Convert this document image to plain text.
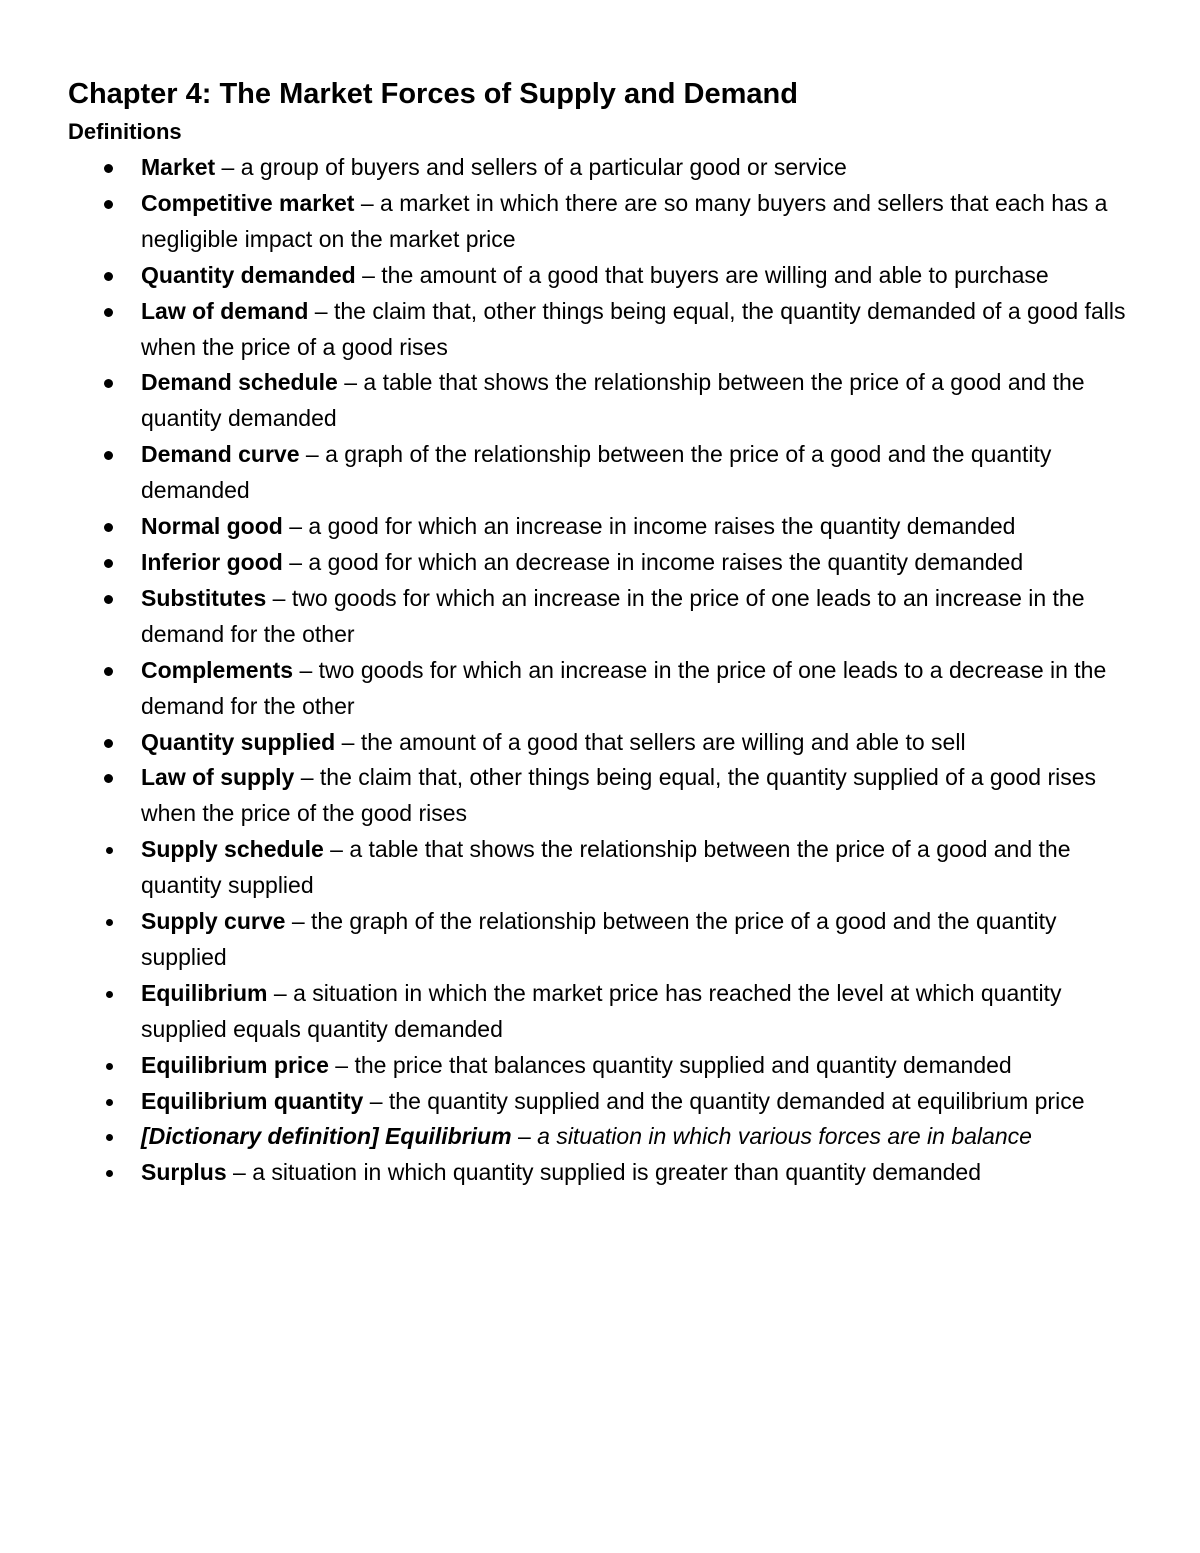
Chapter 4: The Market Forces of Supply and Demand
Definitions
Market – a group of buyers and sellers of a particular good or service
Competitive market – a market in which there are so many buyers and sellers that each has a negligible impact on the market price
Quantity demanded – the amount of a good that buyers are willing and able to purchase
Law of demand – the claim that, other things being equal, the quantity demanded of a good falls when the price of a good rises
Demand schedule – a table that shows the relationship between the price of a good and the quantity demanded
Demand curve – a graph of the relationship between the price of a good and the quantity demanded
Normal good – a good for which an increase in income raises the quantity demanded
Inferior good – a good for which an decrease in income raises the quantity demanded
Substitutes – two goods for which an increase in the price of one leads to an increase in the demand for the other
Complements – two goods for which an increase in the price of one leads to a decrease in the demand for the other
Quantity supplied – the amount of a good that sellers are willing and able to sell
Law of supply – the claim that, other things being equal, the quantity supplied of a good rises when the price of the good rises
Supply schedule – a table that shows the relationship between the price of a good and the quantity supplied
Supply curve – the graph of the relationship between the price of a good and the quantity supplied
Equilibrium – a situation in which the market price has reached the level at which quantity supplied equals quantity demanded
Equilibrium price – the price that balances quantity supplied and quantity demanded
Equilibrium quantity – the quantity supplied and the quantity demanded at equilibrium price
[Dictionary definition] Equilibrium – a situation in which various forces are in balance
Surplus – a situation in which quantity supplied is greater than quantity demanded
